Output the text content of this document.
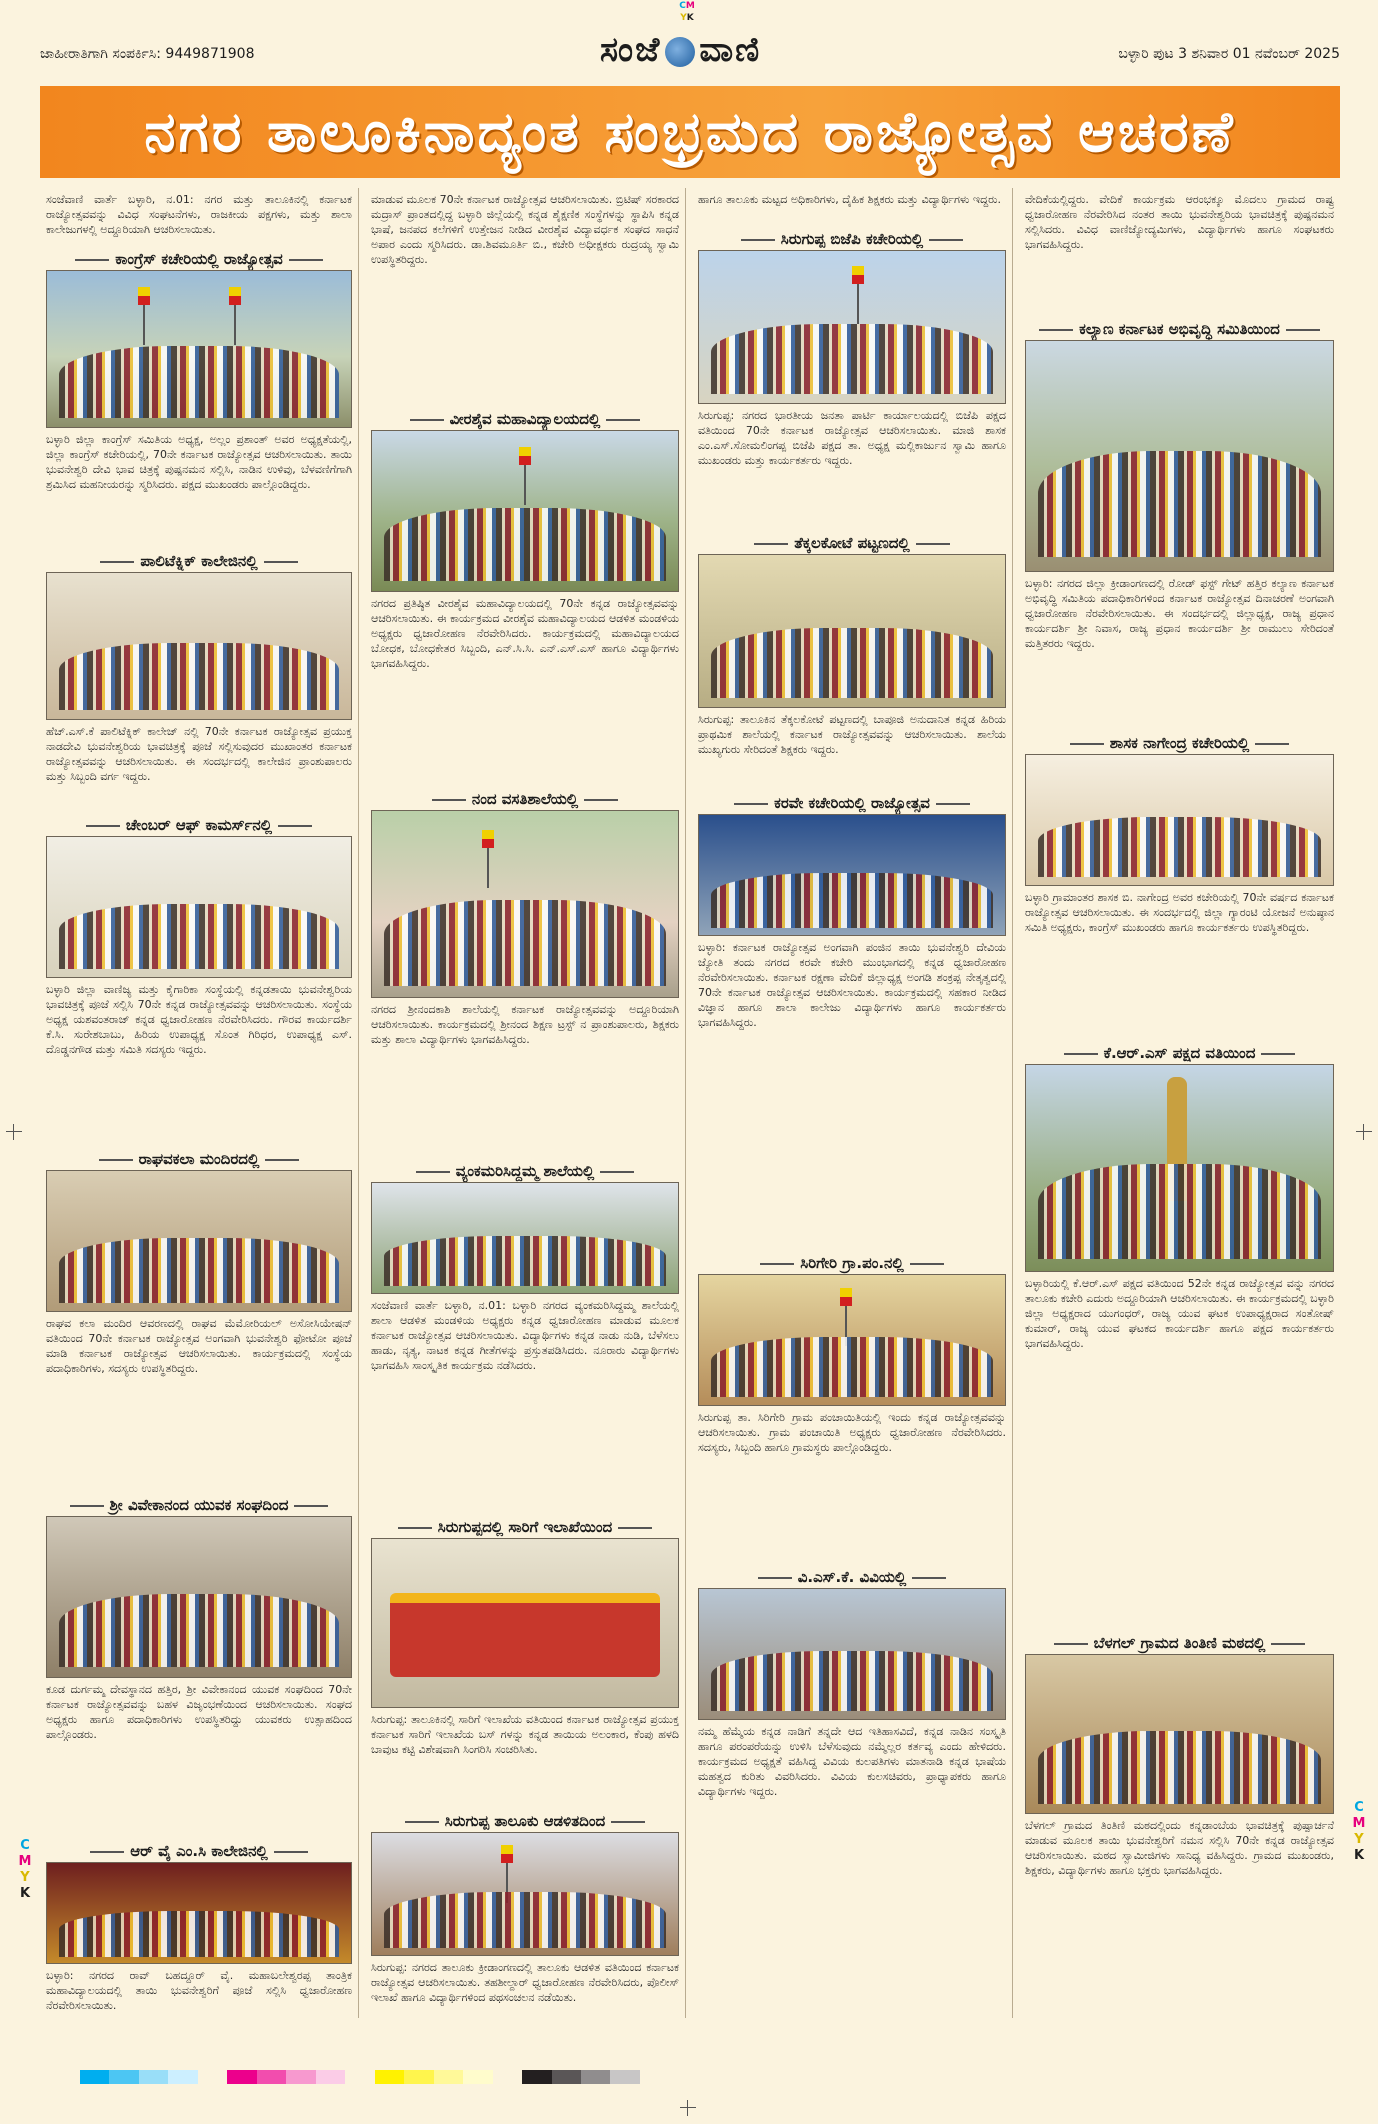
CM
YK
ಜಾಹೀರಾತಿಗಾಗಿ ಸಂಪರ್ಕಿಸಿ: 9449871908	ಸಂಜೆ ವಾಣಿ	ಬಳ್ಳಾರಿ ಪುಟ 3 ಶನಿವಾರ 01 ನವೆಂಬರ್ 2025
ನಗರ ತಾಲೂಕಿನಾದ್ಯಂತ ಸಂಭ್ರಮದ ರಾಜ್ಯೋತ್ಸವ ಆಚರಣೆ
ಸಂಜೆವಾಣಿ ವಾರ್ತೆ ಬಳ್ಳಾರಿ, ನ.01: ನಗರ ಮತ್ತು ತಾಲೂಕಿನಲ್ಲಿ ಕರ್ನಾಟಕ ರಾಜ್ಯೋತ್ಸವವನ್ನು ವಿವಿಧ ಸಂಘಟನೆಗಳು, ರಾಜಕೀಯ ಪಕ್ಷಗಳು, ಮತ್ತು ಶಾಲಾ ಕಾಲೇಜುಗಳಲ್ಲಿ ಅದ್ದೂರಿಯಾಗಿ ಆಚರಿಸಲಾಯಿತು.
ಕಾಂಗ್ರೆಸ್ ಕಚೇರಿಯಲ್ಲಿ ರಾಜ್ಯೋತ್ಸವ
ಬಳ್ಳಾರಿ ಜಿಲ್ಲಾ ಕಾಂಗ್ರೆಸ್ ಸಮಿತಿಯ ಅಧ್ಯಕ್ಷ, ಅಲ್ಲಂ ಪ್ರಶಾಂತ್ ಅವರ ಅಧ್ಯಕ್ಷತೆಯಲ್ಲಿ, ಜಿಲ್ಲಾ ಕಾಂಗ್ರೆಸ್ ಕಚೇರಿಯಲ್ಲಿ, 70ನೇ ಕರ್ನಾಟಕ ರಾಜ್ಯೋತ್ಸವ ಆಚರಿಸಲಾಯಿತು. ತಾಯಿ ಭುವನೇಶ್ವರಿ ದೇವಿ ಭಾವ ಚಿತ್ರಕ್ಕೆ ಪುಷ್ಪನಮನ ಸಲ್ಲಿಸಿ, ನಾಡಿನ ಉಳಿವು, ಬೆಳವಣಿಗೆಗಾಗಿ ಶ್ರಮಿಸಿದ ಮಹನೀಯರನ್ನು ಸ್ಮರಿಸಿದರು. ಪಕ್ಷದ ಮುಖಂಡರು ಪಾಲ್ಗೊಂಡಿದ್ದರು.
ಪಾಲಿಟೆಕ್ನಿಕ್ ಕಾಲೇಜಿನಲ್ಲಿ
ಹೆಚ್.ಎಸ್.ಕೆ ಪಾಲಿಟೆಕ್ನಿಕ್ ಕಾಲೇಜ್ ನಲ್ಲಿ 70ನೇ ಕರ್ನಾಟಕ ರಾಜ್ಯೋತ್ಸವ ಪ್ರಯುಕ್ತ ನಾಡದೇವಿ ಭುವನೇಶ್ವರಿಯ ಭಾವಚಿತ್ರಕ್ಕೆ ಪೂಜೆ ಸಲ್ಲಿಸುವುದರ ಮುಖಾಂತರ ಕರ್ನಾಟಕ ರಾಜ್ಯೋತ್ಸವವನ್ನು ಆಚರಿಸಲಾಯಿತು. ಈ ಸಂದರ್ಭದಲ್ಲಿ ಕಾಲೇಜಿನ ಪ್ರಾಂಶುಪಾಲರು ಮತ್ತು ಸಿಬ್ಬಂದಿ ವರ್ಗ ಇದ್ದರು.
ಚೇಂಬರ್ ಆಫ್ ಕಾಮರ್ಸ್‌ನಲ್ಲಿ
ಬಳ್ಳಾರಿ ಜಿಲ್ಲಾ ವಾಣಿಜ್ಯ ಮತ್ತು ಕೈಗಾರಿಕಾ ಸಂಸ್ಥೆಯಲ್ಲಿ ಕನ್ನಡತಾಯಿ ಭುವನೇಶ್ವರಿಯ ಭಾವಚಿತ್ರಕ್ಕೆ ಪೂಜೆ ಸಲ್ಲಿಸಿ 70ನೇ ಕನ್ನಡ ರಾಜ್ಯೋತ್ಸವವನ್ನು ಆಚರಿಸಲಾಯಿತು. ಸಂಸ್ಥೆಯ ಅಧ್ಯಕ್ಷ ಯಶವಂತರಾಜ್ ಕನ್ನಡ ಧ್ವಜಾರೋಹಣ ನೆರವೇರಿಸಿದರು. ಗೌರವ ಕಾರ್ಯದರ್ಶಿ ಕೆ.ಸಿ. ಸುರೇಶಬಾಬು, ಹಿರಿಯ ಉಪಾಧ್ಯಕ್ಷ ಸೊಂತ ಗಿರಿಧರ, ಉಪಾಧ್ಯಕ್ಷ ಎಸ್. ದೊಡ್ಡನಗೌಡ ಮತ್ತು ಸಮಿತಿ ಸದಸ್ಯರು ಇದ್ದರು.
ರಾಘವಕಲಾ ಮಂದಿರದಲ್ಲಿ
ರಾಘವ ಕಲಾ ಮಂದಿರ ಆವರಣದಲ್ಲಿ ರಾಘವ ಮೆಮೋರಿಯಲ್ ಅಸೋಸಿಯೇಷನ್ ವತಿಯಿಂದ 70ನೇ ಕರ್ನಾಟಕ ರಾಜ್ಯೋತ್ಸವ ಅಂಗವಾಗಿ ಭುವನೇಶ್ವರಿ ಫೋಟೋ ಪೂಜೆ ಮಾಡಿ ಕರ್ನಾಟಕ ರಾಜ್ಯೋತ್ಸವ ಆಚರಿಸಲಾಯಿತು. ಕಾರ್ಯಕ್ರಮದಲ್ಲಿ ಸಂಸ್ಥೆಯ ಪದಾಧಿಕಾರಿಗಳು, ಸದಸ್ಯರು ಉಪಸ್ಥಿತರಿದ್ದರು.
ಶ್ರೀ ವಿವೇಕಾನಂದ ಯುವಕ ಸಂಘದಿಂದ
ಕೂಡ ದುರ್ಗಮ್ಮ ದೇವಸ್ಥಾನದ ಹತ್ತಿರ, ಶ್ರೀ ವಿವೇಕಾನಂದ ಯುವಕ ಸಂಘದಿಂದ 70ನೇ ಕರ್ನಾಟಕ ರಾಜ್ಯೋತ್ಸವವನ್ನು ಬಹಳ ವಿಜೃಂಭಣೆಯಿಂದ ಆಚರಿಸಲಾಯಿತು. ಸಂಘದ ಅಧ್ಯಕ್ಷರು ಹಾಗೂ ಪದಾಧಿಕಾರಿಗಳು ಉಪಸ್ಥಿತರಿದ್ದು ಯುವಕರು ಉತ್ಸಾಹದಿಂದ ಪಾಲ್ಗೊಂಡರು.
ಆರ್ ವೈ ಎಂ.ಸಿ ಕಾಲೇಜಿನಲ್ಲಿ
ಬಳ್ಳಾರಿ: ನಗರದ ರಾವ್ ಬಹದ್ದೂರ್ ವೈ. ಮಹಾಬಲೇಶ್ವರಪ್ಪ ತಾಂತ್ರಿಕ ಮಹಾವಿದ್ಯಾಲಯದಲ್ಲಿ ತಾಯಿ ಭುವನೇಶ್ವರಿಗೆ ಪೂಜೆ ಸಲ್ಲಿಸಿ ಧ್ವಜಾರೋಹಣ ನೆರವೇರಿಸಲಾಯಿತು.
ಮಾಡುವ ಮೂಲಕ 70ನೇ ಕರ್ನಾಟಕ ರಾಜ್ಯೋತ್ಸವ ಆಚರಿಸಲಾಯಿತು. ಬ್ರಿಟಿಷ್ ಸರಕಾರದ ಮದ್ರಾಸ್ ಪ್ರಾಂತದಲ್ಲಿದ್ದ ಬಳ್ಳಾರಿ ಜಿಲ್ಲೆಯಲ್ಲಿ ಕನ್ನಡ ಶೈಕ್ಷಣಿಕ ಸಂಸ್ಥೆಗಳನ್ನು ಸ್ಥಾಪಿಸಿ ಕನ್ನಡ ಭಾಷೆ, ಜನಪದ ಕಲೆಗಳಿಗೆ ಉತ್ತೇಜನ ನೀಡಿದ ವೀರಶೈವ ವಿದ್ಯಾವರ್ಧಕ ಸಂಘದ ಸಾಧನೆ ಅಪಾರ ಎಂದು ಸ್ಮರಿಸಿದರು. ಡಾ.ಶಿವಮೂರ್ತಿ ಬಿ., ಕಚೇರಿ ಅಧೀಕ್ಷಕರು ರುದ್ರಯ್ಯ ಸ್ವಾಮಿ ಉಪಸ್ಥಿತರಿದ್ದರು.
ವೀರಶೈವ ಮಹಾವಿದ್ಯಾಲಯದಲ್ಲಿ
ನಗರದ ಪ್ರತಿಷ್ಠಿತ ವೀರಶೈವ ಮಹಾವಿದ್ಯಾಲಯದಲ್ಲಿ 70ನೇ ಕನ್ನಡ ರಾಜ್ಯೋತ್ಸವವನ್ನು ಆಚರಿಸಲಾಯಿತು. ಈ ಕಾರ್ಯಕ್ರಮದ ವೀರಶೈವ ಮಹಾವಿದ್ಯಾಲಯದ ಆಡಳಿತ ಮಂಡಳಿಯ ಅಧ್ಯಕ್ಷರು ಧ್ವಜಾರೋಹಣ ನೆರವೇರಿಸಿದರು. ಕಾರ್ಯಕ್ರಮದಲ್ಲಿ ಮಹಾವಿದ್ಯಾಲಯದ ಬೋಧಕ, ಬೋಧಕೇತರ ಸಿಬ್ಬಂದಿ, ಎನ್.ಸಿ.ಸಿ. ಎನ್.ಎಸ್.ಎಸ್ ಹಾಗೂ ವಿದ್ಯಾರ್ಥಿಗಳು ಭಾಗವಹಿಸಿದ್ದರು.
ನಂದ ವಸತಿಶಾಲೆಯಲ್ಲಿ
ನಗರದ ಶ್ರೀನಂದಕಾಶಿ ಶಾಲೆಯಲ್ಲಿ ಕರ್ನಾಟಕ ರಾಜ್ಯೋತ್ಸವವನ್ನು ಅದ್ದೂರಿಯಾಗಿ ಆಚರಿಸಲಾಯಿತು. ಕಾರ್ಯಕ್ರಮದಲ್ಲಿ ಶ್ರೀನಂದ ಶಿಕ್ಷಣ ಟ್ರಸ್ಟ್ ನ ಪ್ರಾಂಶುಪಾಲರು, ಶಿಕ್ಷಕರು ಮತ್ತು ಶಾಲಾ ವಿದ್ಯಾರ್ಥಿಗಳು ಭಾಗವಹಿಸಿದ್ದರು.
ವ್ಯಂಕಮರಿಸಿದ್ದಮ್ಮ ಶಾಲೆಯಲ್ಲಿ
ಸಂಜೆವಾಣಿ ವಾರ್ತೆ ಬಳ್ಳಾರಿ, ನ.01: ಬಳ್ಳಾರಿ ನಗರದ ವ್ಯಂಕಮರಿಸಿದ್ದಮ್ಮ ಶಾಲೆಯಲ್ಲಿ ಶಾಲಾ ಆಡಳಿತ ಮಂಡಳಿಯ ಅಧ್ಯಕ್ಷರು ಕನ್ನಡ ಧ್ವಜಾರೋಹಣ ಮಾಡುವ ಮೂಲಕ ಕರ್ನಾಟಕ ರಾಜ್ಯೋತ್ಸವ ಆಚರಿಸಲಾಯಿತು. ವಿದ್ಯಾರ್ಥಿಗಳು ಕನ್ನಡ ನಾಡು ನುಡಿ, ಬೆಳೆಸಲು ಹಾಡು, ನೃತ್ಯ, ನಾಟಕ ಕನ್ನಡ ಗೀತೆಗಳನ್ನು ಪ್ರಸ್ತುತಪಡಿಸಿದರು. ನೂರಾರು ವಿದ್ಯಾರ್ಥಿಗಳು ಭಾಗವಹಿಸಿ ಸಾಂಸ್ಕೃತಿಕ ಕಾರ್ಯಕ್ರಮ ನಡೆಸಿದರು.
ಸಿರುಗುಪ್ಪದಲ್ಲಿ ಸಾರಿಗೆ ಇಲಾಖೆಯಿಂದ
ಸಿರುಗುಪ್ಪ: ತಾಲೂಕಿನಲ್ಲಿ ಸಾರಿಗೆ ಇಲಾಖೆಯ ವತಿಯಿಂದ ಕರ್ನಾಟಕ ರಾಜ್ಯೋತ್ಸವ ಪ್ರಯುಕ್ತ ಕರ್ನಾಟಕ ಸಾರಿಗೆ ಇಲಾಖೆಯ ಬಸ್ ಗಳನ್ನು ಕನ್ನಡ ತಾಯಿಯ ಅಲಂಕಾರ, ಕೆಂಪು ಹಳದಿ ಬಾವುಟ ಕಟ್ಟಿ ವಿಶೇಷವಾಗಿ ಸಿಂಗರಿಸಿ ಸಂಚರಿಸಿತು.
ಸಿರುಗುಪ್ಪ ತಾಲೂಕು ಆಡಳಿತದಿಂದ
ಸಿರುಗುಪ್ಪ: ನಗರದ ತಾಲೂಕು ಕ್ರೀಡಾಂಗಣದಲ್ಲಿ ತಾಲೂಕು ಆಡಳಿತ ವತಿಯಿಂದ ಕರ್ನಾಟಕ ರಾಜ್ಯೋತ್ಸವ ಆಚರಿಸಲಾಯಿತು. ತಹಶೀಲ್ದಾರ್ ಧ್ವಜಾರೋಹಣ ನೆರವೇರಿಸಿದರು, ಪೊಲೀಸ್ ಇಲಾಖೆ ಹಾಗೂ ವಿದ್ಯಾರ್ಥಿಗಳಿಂದ ಪಥಸಂಚಲನ ನಡೆಯಿತು.
ಹಾಗೂ ತಾಲೂಕು ಮಟ್ಟದ ಅಧಿಕಾರಿಗಳು, ದೈಹಿಕ ಶಿಕ್ಷಕರು ಮತ್ತು ವಿದ್ಯಾರ್ಥಿಗಳು ಇದ್ದರು.
ಸಿರುಗುಪ್ಪ ಬಿಜೆಪಿ ಕಚೇರಿಯಲ್ಲಿ
ಸಿರುಗುಪ್ಪ: ನಗರದ ಭಾರತೀಯ ಜನತಾ ಪಾರ್ಟಿ ಕಾರ್ಯಾಲಯದಲ್ಲಿ ಬಿಜೆಪಿ ಪಕ್ಷದ ವತಿಯಿಂದ 70ನೇ ಕರ್ನಾಟಕ ರಾಜ್ಯೋತ್ಸವ ಆಚರಿಸಲಾಯಿತು. ಮಾಜಿ ಶಾಸಕ ಎಂ.ಎಸ್.ಸೋಮಲಿಂಗಪ್ಪ ಬಿಜೆಪಿ ಪಕ್ಷದ ತಾ. ಅಧ್ಯಕ್ಷ ಮಲ್ಲಿಕಾರ್ಜುನ ಸ್ವಾಮಿ ಹಾಗೂ ಮುಖಂಡರು ಮತ್ತು ಕಾರ್ಯಕರ್ತರು ಇದ್ದರು.
ತೆಕ್ಕಲಕೋಟೆ ಪಟ್ಟಣದಲ್ಲಿ
ಸಿರುಗುಪ್ಪ: ತಾಲೂಕಿನ ತೆಕ್ಕಲಕೋಟೆ ಪಟ್ಟಣದಲ್ಲಿ ಬಾಪೂಜಿ ಅನುದಾನಿತ ಕನ್ನಡ ಹಿರಿಯ ಪ್ರಾಥಮಿಕ ಶಾಲೆಯಲ್ಲಿ ಕರ್ನಾಟಕ ರಾಜ್ಯೋತ್ಸವವನ್ನು ಆಚರಿಸಲಾಯಿತು. ಶಾಲೆಯ ಮುಖ್ಯಗುರು ಸೇರಿದಂತೆ ಶಿಕ್ಷಕರು ಇದ್ದರು.
ಕರವೇ ಕಚೇರಿಯಲ್ಲಿ ರಾಜ್ಯೋತ್ಸವ
ಬಳ್ಳಾರಿ: ಕರ್ನಾಟಕ ರಾಜ್ಯೋತ್ಸವ ಅಂಗವಾಗಿ ಪಂಜಿನ ತಾಯಿ ಭುವನೇಶ್ವರಿ ದೇವಿಯ ಜ್ಯೋತಿ ತಂದು ನಗರದ ಕರವೇ ಕಚೇರಿ ಮುಂಭಾಗದಲ್ಲಿ ಕನ್ನಡ ಧ್ವಜಾರೋಹಣ ನೆರವೇರಿಸಲಾಯಿತು. ಕರ್ನಾಟಕ ರಕ್ಷಣಾ ವೇದಿಕೆ ಜಿಲ್ಲಾಧ್ಯಕ್ಷ ಅಂಗಡಿ ಶಂಕ್ರಪ್ಪ ನೇತೃತ್ವದಲ್ಲಿ 70ನೇ ಕರ್ನಾಟಕ ರಾಜ್ಯೋತ್ಸವ ಆಚರಿಸಲಾಯಿತು. ಕಾರ್ಯಕ್ರಮದಲ್ಲಿ ಸಹಕಾರ ನೀಡಿದ ವಿಜ್ಞಾನ ಹಾಗೂ ಶಾಲಾ ಕಾಲೇಜು ವಿದ್ಯಾರ್ಥಿಗಳು ಹಾಗೂ ಕಾರ್ಯಕರ್ತರು ಭಾಗವಹಿಸಿದ್ದರು.
ಸಿರಿಗೇರಿ ಗ್ರಾ.ಪಂ.ನಲ್ಲಿ
ಸಿರುಗುಪ್ಪ ತಾ. ಸಿರಿಗೇರಿ ಗ್ರಾಮ ಪಂಚಾಯಿತಿಯಲ್ಲಿ ಇಂದು ಕನ್ನಡ ರಾಜ್ಯೋತ್ಸವವನ್ನು ಆಚರಿಸಲಾಯಿತು. ಗ್ರಾಮ ಪಂಚಾಯಿತಿ ಅಧ್ಯಕ್ಷರು ಧ್ವಜಾರೋಹಣ ನೆರವೇರಿಸಿದರು. ಸದಸ್ಯರು, ಸಿಬ್ಬಂದಿ ಹಾಗೂ ಗ್ರಾಮಸ್ಥರು ಪಾಲ್ಗೊಂಡಿದ್ದರು.
ವಿ.ಎಸ್.ಕೆ. ವಿವಿಯಲ್ಲಿ
ನಮ್ಮ ಹೆಮ್ಮೆಯ ಕನ್ನಡ ನಾಡಿಗೆ ತನ್ನದೇ ಆದ ಇತಿಹಾಸವಿದೆ, ಕನ್ನಡ ನಾಡಿನ ಸಂಸ್ಕೃತಿ ಹಾಗೂ ಪರಂಪರೆಯನ್ನು ಉಳಿಸಿ ಬೆಳೆಸುವುದು ನಮ್ಮೆಲ್ಲರ ಕರ್ತವ್ಯ ಎಂದು ಹೇಳಿದರು. ಕಾರ್ಯಕ್ರಮದ ಅಧ್ಯಕ್ಷತೆ ವಹಿಸಿದ್ದ ವಿವಿಯ ಕುಲಪತಿಗಳು ಮಾತನಾಡಿ ಕನ್ನಡ ಭಾಷೆಯ ಮಹತ್ವದ ಕುರಿತು ವಿವರಿಸಿದರು. ವಿವಿಯ ಕುಲಸಚಿವರು, ಪ್ರಾಧ್ಯಾಪಕರು ಹಾಗೂ ವಿದ್ಯಾರ್ಥಿಗಳು ಇದ್ದರು.
ವೇದಿಕೆಯಲ್ಲಿದ್ದರು. ವೇದಿಕೆ ಕಾರ್ಯಕ್ರಮ ಆರಂಭಕ್ಕೂ ಮೊದಲು ಗ್ರಾಮದ ರಾಷ್ಟ್ರ ಧ್ವಜಾರೋಹಣ ನೆರವೇರಿಸಿದ ನಂತರ ತಾಯಿ ಭುವನೇಶ್ವರಿಯ ಭಾವಚಿತ್ರಕ್ಕೆ ಪುಷ್ಪನಮನ ಸಲ್ಲಿಸಿದರು. ವಿವಿಧ ವಾಣಿಜ್ಯೋದ್ಯಮಿಗಳು, ವಿದ್ಯಾರ್ಥಿಗಳು ಹಾಗೂ ಸಂಘಟಕರು ಭಾಗವಹಿಸಿದ್ದರು.
ಕಲ್ಯಾಣ ಕರ್ನಾಟಕ ಅಭಿವೃದ್ಧಿ ಸಮಿತಿಯಿಂದ
ಬಳ್ಳಾರಿ: ನಗರದ ಜಿಲ್ಲಾ ಕ್ರೀಡಾಂಗಣದಲ್ಲಿ ರೋಡ್ ಫಸ್ಟ್ ಗೇಟ್ ಹತ್ತಿರ ಕಲ್ಯಾಣ ಕರ್ನಾಟಕ ಅಭಿವೃದ್ಧಿ ಸಮಿತಿಯ ಪದಾಧಿಕಾರಿಗಳಿಂದ ಕರ್ನಾಟಕ ರಾಜ್ಯೋತ್ಸವ ದಿನಾಚರಣೆ ಅಂಗವಾಗಿ ಧ್ವಜಾರೋಹಣ ನೆರವೇರಿಸಲಾಯಿತು. ಈ ಸಂದರ್ಭದಲ್ಲಿ ಜಿಲ್ಲಾಧ್ಯಕ್ಷ, ರಾಜ್ಯ ಪ್ರಧಾನ ಕಾರ್ಯದರ್ಶಿ ಶ್ರೀ ನಿವಾಸ, ರಾಜ್ಯ ಪ್ರಧಾನ ಕಾರ್ಯದರ್ಶಿ ಶ್ರೀ ರಾಮುಲು ಸೇರಿದಂತೆ ಮತ್ತಿತರರು ಇದ್ದರು.
ಶಾಸಕ ನಾಗೇಂದ್ರ ಕಚೇರಿಯಲ್ಲಿ
ಬಳ್ಳಾರಿ ಗ್ರಾಮಾಂತರ ಶಾಸಕ ಬಿ. ನಾಗೇಂದ್ರ ಅವರ ಕಚೇರಿಯಲ್ಲಿ 70ನೇ ವರ್ಷದ ಕರ್ನಾಟಕ ರಾಜ್ಯೋತ್ಸವ ಆಚರಿಸಲಾಯಿತು. ಈ ಸಂದರ್ಭದಲ್ಲಿ ಜಿಲ್ಲಾ ಗ್ಯಾರಂಟಿ ಯೋಜನೆ ಅನುಷ್ಠಾನ ಸಮಿತಿ ಅಧ್ಯಕ್ಷರು, ಕಾಂಗ್ರೆಸ್ ಮುಖಂಡರು ಹಾಗೂ ಕಾರ್ಯಕರ್ತರು ಉಪಸ್ಥಿತರಿದ್ದರು.
ಕೆ.ಆರ್.ಎಸ್ ಪಕ್ಷದ ವತಿಯಿಂದ
ಬಳ್ಳಾರಿಯಲ್ಲಿ ಕೆ.ಆರ್.ಎಸ್ ಪಕ್ಷದ ವತಿಯಿಂದ 52ನೇ ಕನ್ನಡ ರಾಜ್ಯೋತ್ಸವ ವನ್ನು ನಗರದ ತಾಲೂಕು ಕಚೇರಿ ಎದುರು ಅದ್ದೂರಿಯಾಗಿ ಆಚರಿಸಲಾಯಿತು. ಈ ಕಾರ್ಯಕ್ರಮದಲ್ಲಿ ಬಳ್ಳಾರಿ ಜಿಲ್ಲಾ ಅಧ್ಯಕ್ಷರಾದ ಯುಗಂಧರ್, ರಾಜ್ಯ ಯುವ ಘಟಕ ಉಪಾಧ್ಯಕ್ಷರಾದ ಸಂತೋಷ್ ಕುಮಾರ್, ರಾಜ್ಯ ಯುವ ಘಟಕದ ಕಾರ್ಯದರ್ಶಿ ಹಾಗೂ ಪಕ್ಷದ ಕಾರ್ಯಕರ್ತರು ಭಾಗವಹಿಸಿದ್ದರು.
ಬೆಳಗಲ್ ಗ್ರಾಮದ ತಿಂತಿಣಿ ಮಠದಲ್ಲಿ
ಬೆಳಗಲ್ ಗ್ರಾಮದ ತಿಂತಿಣಿ ಮಠದಲ್ಲಿಂದು ಕನ್ನಡಾಂಬೆಯ ಭಾವಚಿತ್ರಕ್ಕೆ ಪುಷ್ಪಾರ್ಚನೆ ಮಾಡುವ ಮೂಲಕ ತಾಯಿ ಭುವನೇಶ್ವರಿಗೆ ನಮನ ಸಲ್ಲಿಸಿ 70ನೇ ಕನ್ನಡ ರಾಜ್ಯೋತ್ಸವ ಆಚರಿಸಲಾಯಿತು. ಮಠದ ಸ್ವಾಮೀಜಿಗಳು ಸಾನಿಧ್ಯ ವಹಿಸಿದ್ದರು. ಗ್ರಾಮದ ಮುಖಂಡರು, ಶಿಕ್ಷಕರು, ವಿದ್ಯಾರ್ಥಿಗಳು ಹಾಗೂ ಭಕ್ತರು ಭಾಗವಹಿಸಿದ್ದರು.
C
M
Y
K
C
M
Y
K
